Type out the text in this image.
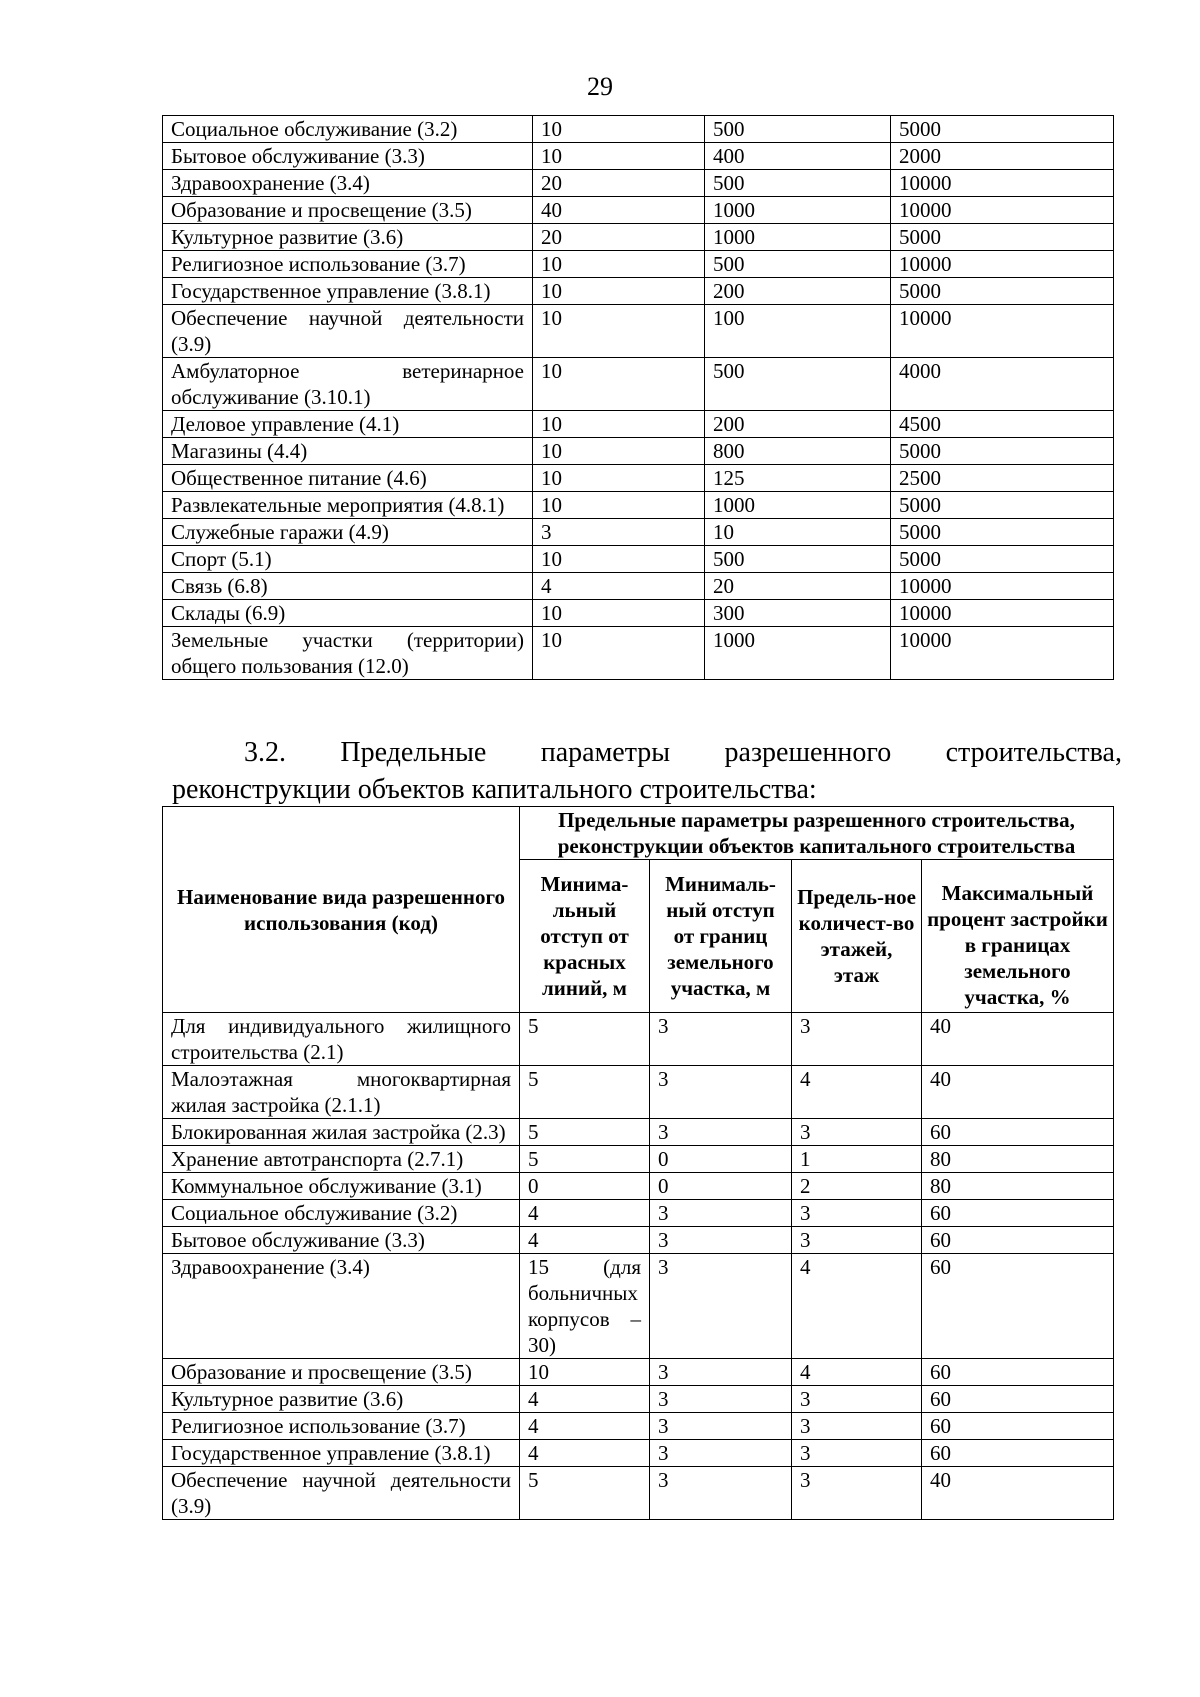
29
Социальное обслуживание (3.2)	10	500	5000
Бытовое обслуживание (3.3)	10	400	2000
Здравоохранение (3.4)	20	500	10000
Образование и просвещение (3.5)	40	1000	10000
Культурное развитие (3.6)	20	1000	5000
Религиозное использование (3.7)	10	500	10000
Государственное управление (3.8.1)	10	200	5000
Обеспечение научной деятельности (3.9)	10	100	10000
Амбулаторное ветеринарное обслуживание (3.10.1)	10	500	4000
Деловое управление (4.1)	10	200	4500
Магазины (4.4)	10	800	5000
Общественное питание (4.6)	10	125	2500
Развлекательные мероприятия (4.8.1)	10	1000	5000
Служебные гаражи (4.9)	3	10	5000
Спорт (5.1)	10	500	5000
Связь (6.8)	4	20	10000
Склады (6.9)	10	300	10000
Земельные участки (территории) общего пользования (12.0)	10	1000	10000
3.2. Предельные параметры разрешенного строительства,
реконструкции объектов капитального строительства:
Наименование вида разрешенного использования (код)	Предельные параметры разрешенного строительства, реконструкции объектов капитального строительства			
	Минима-льный отступ от красных линий, м	Минималь-ный отступ от границ земельного участка, м	Предель-ное количест-во этажей, этаж	Максимальный процент застройки в границах земельного участка, %
Для индивидуального жилищного строительства (2.1)	5	3	3	40
Малоэтажная многоквартирная жилая застройка (2.1.1)	5	3	4	40
Блокированная жилая застройка (2.3)	5	3	3	60
Хранение автотранспорта (2.7.1)	5	0	1	80
Коммунальное обслуживание (3.1)	0	0	2	80
Социальное обслуживание (3.2)	4	3	3	60
Бытовое обслуживание (3.3)	4	3	3	60
Здравоохранение (3.4)	15 (для больничных корпусов – 30)	3	4	60
Образование и просвещение (3.5)	10	3	4	60
Культурное развитие (3.6)	4	3	3	60
Религиозное использование (3.7)	4	3	3	60
Государственное управление (3.8.1)	4	3	3	60
Обеспечение научной деятельности (3.9)	5	3	3	40
